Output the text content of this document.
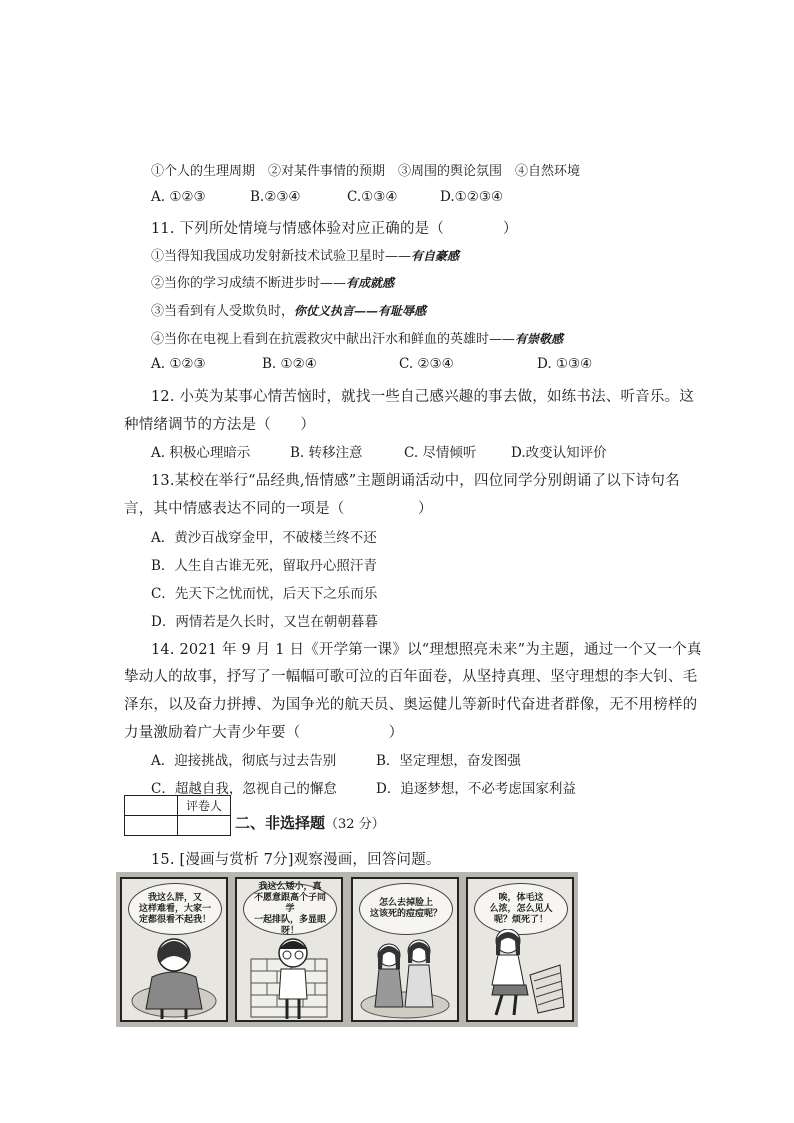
①个人的生理周期　②对某件事情的预期　③周围的舆论氛围　④自然环境
A. ①②③	B.②③④	C.①③④	D.①②③④
11. 下列所处情境与情感体验对应正确的是（　　　　）
①当得知我国成功发射新技术试验卫星时——有自豪感
②当你的学习成绩不断进步时——有成就感
③当看到有人受欺负时，你仗义执言——有耻辱感
④当你在电视上看到在抗震救灾中献出汗水和鲜血的英雄时——有崇敬感
A. ①②③	B. ①②④	C. ②③④	D. ①③④
12. 小英为某事心情苦恼时，就找一些自己感兴趣的事去做，如练书法、听音乐。这
种情绪调节的方法是（　　）
A. 积极心理暗示	B. 转移注意	C. 尽情倾听	D.改变认知评价
13.某校在举行“品经典,悟情感”主题朗诵活动中，四位同学分别朗诵了以下诗句名
言，其中情感表达不同的一项是（　　　　　）
A．黄沙百战穿金甲，不破楼兰终不还
B．人生自古谁无死，留取丹心照汗青
C．先天下之忧而忧，后天下之乐而乐
D．两情若是久长时，又岂在朝朝暮暮
14. 2021 年 9 月 1 日《开学第一课》以“理想照亮未来”为主题，通过一个又一个真
挚动人的故事，抒写了一幅幅可歌可泣的百年面卷，从坚持真理、坚守理想的李大钊、毛
泽东，以及奋力拼搏、为国争光的航天员、奥运健儿等新时代奋进者群像，无不用榜样的
力量激励着广大青少年要（　　　　　　）
A．迎接挑战，彻底与过去告别	B．坚定理想，奋发图强
C．超越自我，忽视自己的懈怠	D．追逐梦想，不必考虑国家利益
	评卷人

二、非选择题（32 分）
15. [漫画与赏析 7分]观察漫画，回答问题。
我这么胖，又
这样难看，大家一
定都很看不起我！
我这么矮小，真
不愿意跟高个子同学
一起排队，多显眼呀！
怎么去掉脸上
这该死的痘痘呢？
唉，体毛这
么浓，怎么见人
呢？烦死了！
